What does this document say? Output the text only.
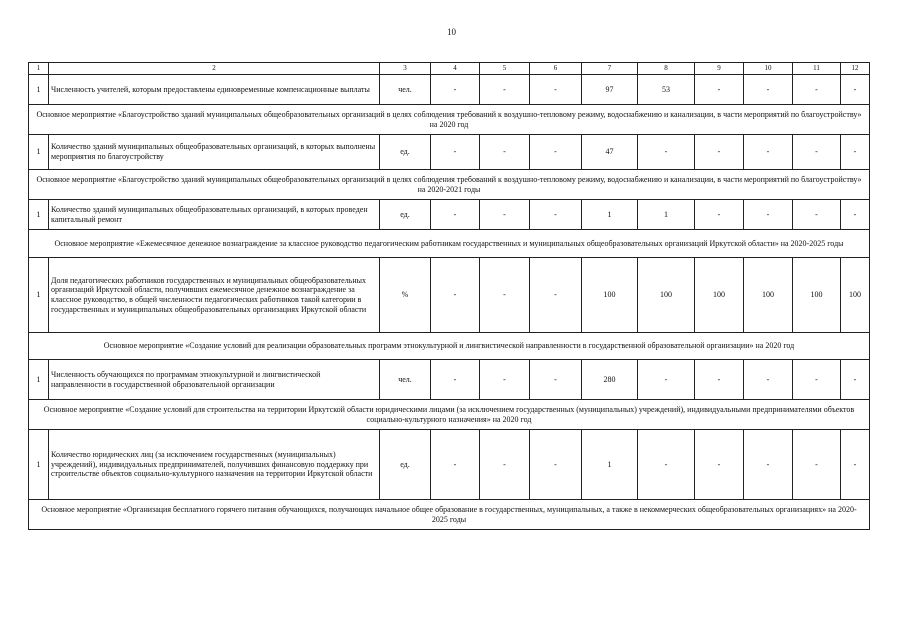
10
1	2	3	4	5	6	7	8	9	10	11	12
1	Численность учителей, которым предоставлены единовременные компенсационные выплаты	чел.	-	-	-	97	53	-	-	-	-
Основное мероприятие «Благоустройство зданий муниципальных общеобразовательных организаций в целях соблюдения требований к воздушно-тепловому режиму, водоснабжению и канализации, в части мероприятий по благоустройству» на 2020 год											
1	Количество зданий муниципальных общеобразовательных организаций, в которых выполнены мероприятия по благоустройству	ед.	-	-	-	47	-	-	-	-	-
Основное мероприятие «Благоустройство зданий муниципальных общеобразовательных организаций в целях соблюдения требований к воздушно-тепловому режиму, водоснабжению и канализации, в части мероприятий по благоустройству» на 2020-2021 годы											
1	Количество зданий муниципальных общеобразовательных организаций, в которых проведен капитальный ремонт	ед.	-	-	-	1	1	-	-	-	-
Основное мероприятие «Ежемесячное денежное вознаграждение за классное руководство педагогическим работникам государственных и муниципальных общеобразовательных организаций Иркутской области» на 2020-2025 годы											
1	Доля педагогических работников государственных и муниципальных общеобразовательных организаций Иркутской области, получивших ежемесячное денежное вознаграждение за классное руководство, в общей численности педагогических работников такой категории в государственных и муниципальных общеобразовательных организациях Иркутской области	%	-	-	-	100	100	100	100	100	100
Основное мероприятие «Создание условий для реализации образовательных программ этнокультурной и лингвистической направленности в государственной образовательной организации» на 2020 год											
1	Численность обучающихся по программам этнокультурной и лингвистической направленности в государственной образовательной организации	чел.	-	-	-	280	-	-	-	-	-
Основное мероприятие «Создание условий для строительства на территории Иркутской области юридическими лицами (за исключением государственных (муниципальных) учреждений), индивидуальными предпринимателями объектов социально-культурного назначения» на 2020 год											
1	Количество юридических лиц (за исключением государственных (муниципальных) учреждений), индивидуальных предпринимателей, получивших финансовую поддержку при строительстве объектов социально-культурного назначения на территории Иркутской области	ед.	-	-	-	1	-	-	-	-	-
Основное мероприятие «Организация бесплатного горячего питания обучающихся, получающих начальное общее образование в государственных, муниципальных, а также в некоммерческих общеобразовательных организациях» на 2020-2025 годы											
